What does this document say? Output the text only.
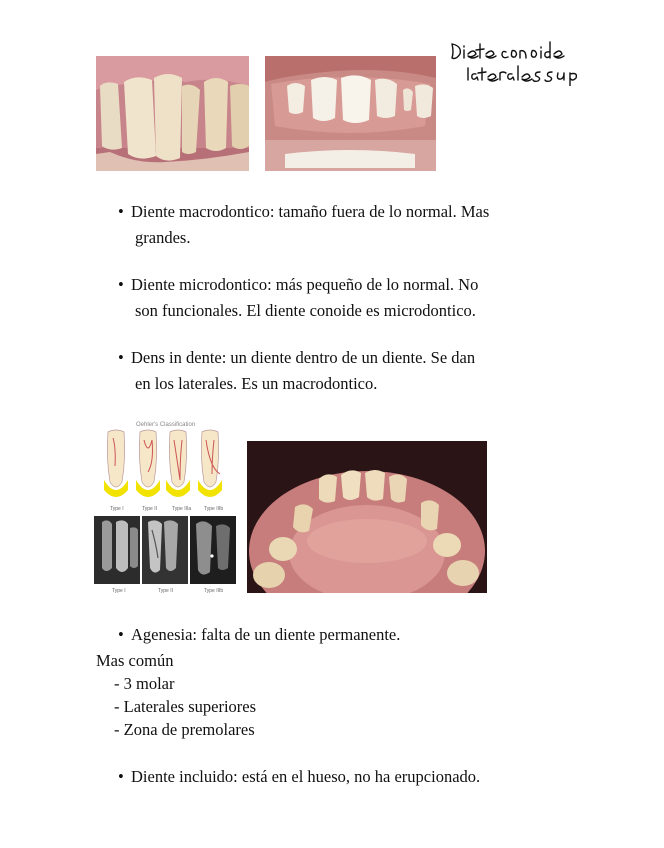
• Diente macrodontico: tamaño fuera de lo normal. Mas
grandes.
• Diente microdontico: más pequeño de lo normal. No
son funcionales. El diente conoide es microdontico.
• Dens in dente: un diente dentro de un diente. Se dan
en los laterales. Es un macrodontico.
Oehler's Classification
Type I	Type II	Type IIIa	Type IIIb
Type I	Type II	Type IIIb
• Agenesia: falta de un diente permanente.
Mas común
- 3 molar
- Laterales superiores
- Zona de premolares
• Diente incluido: está en el hueso, no ha erupcionado.
